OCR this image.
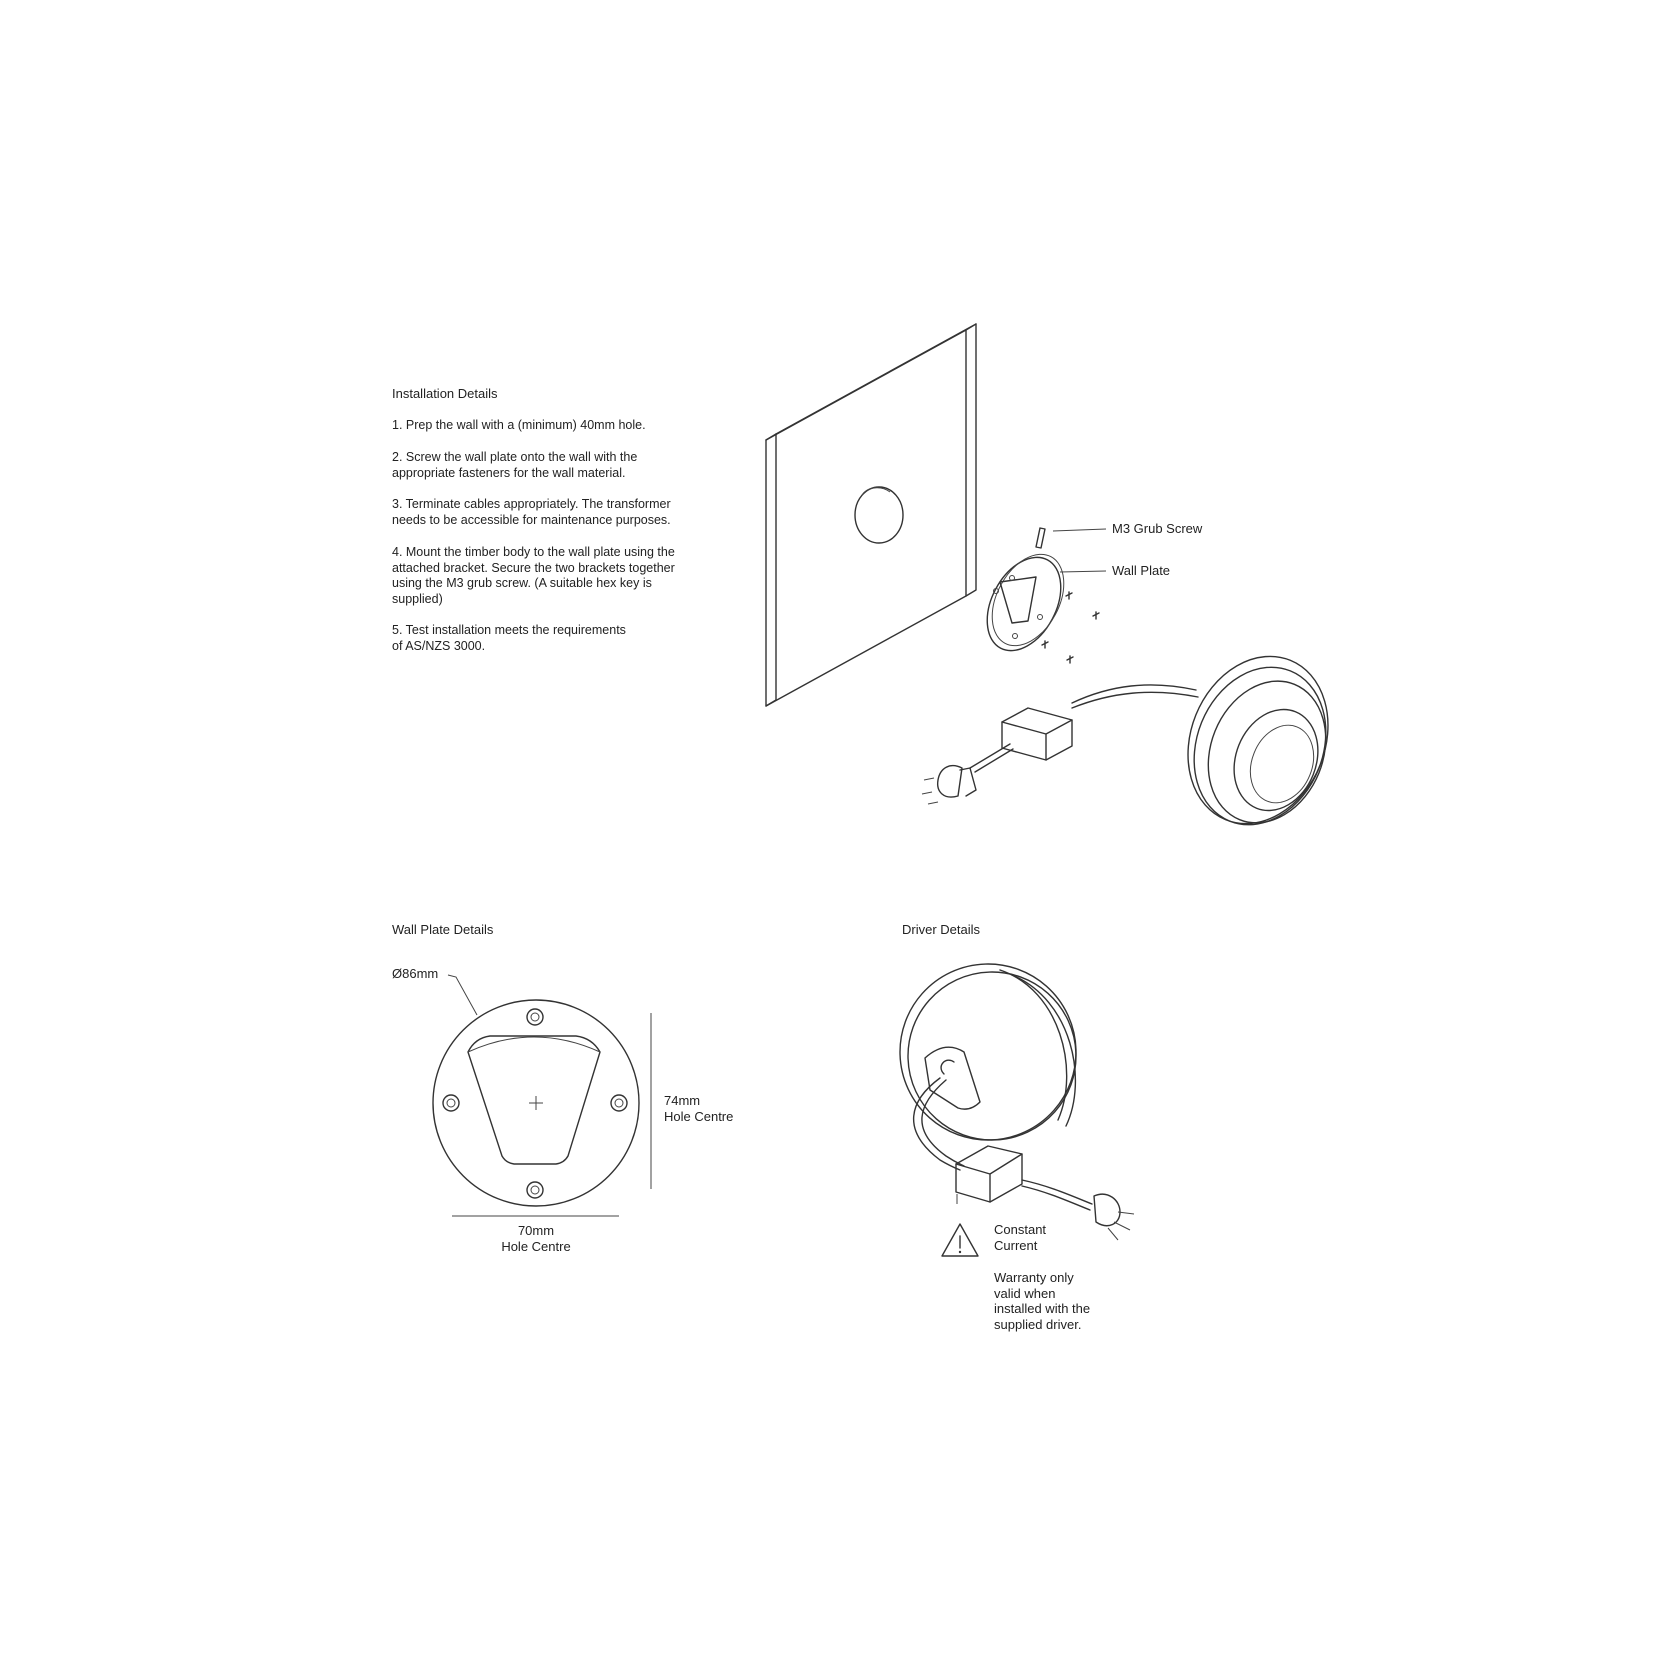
Installation Details
1. Prep the wall with a (minimum) 40mm hole.
2. Screw the wall plate onto the wall with the
appropriate fasteners for the wall material.
3. Terminate cables appropriately. The transformer
needs to be accessible for maintenance purposes.
4. Mount the timber body to the wall plate using the
attached bracket. Secure the two brackets together
using the M3 grub screw. (A suitable hex key is
supplied)
5. Test installation meets the requirements
of AS/NZS 3000.
M3 Grub Screw
Wall Plate
Wall Plate Details
Ø86mm
74mm
Hole Centre
70mm
Hole Centre
Driver Details
Constant
Current
Warranty only
valid when
installed with the
supplied driver.
